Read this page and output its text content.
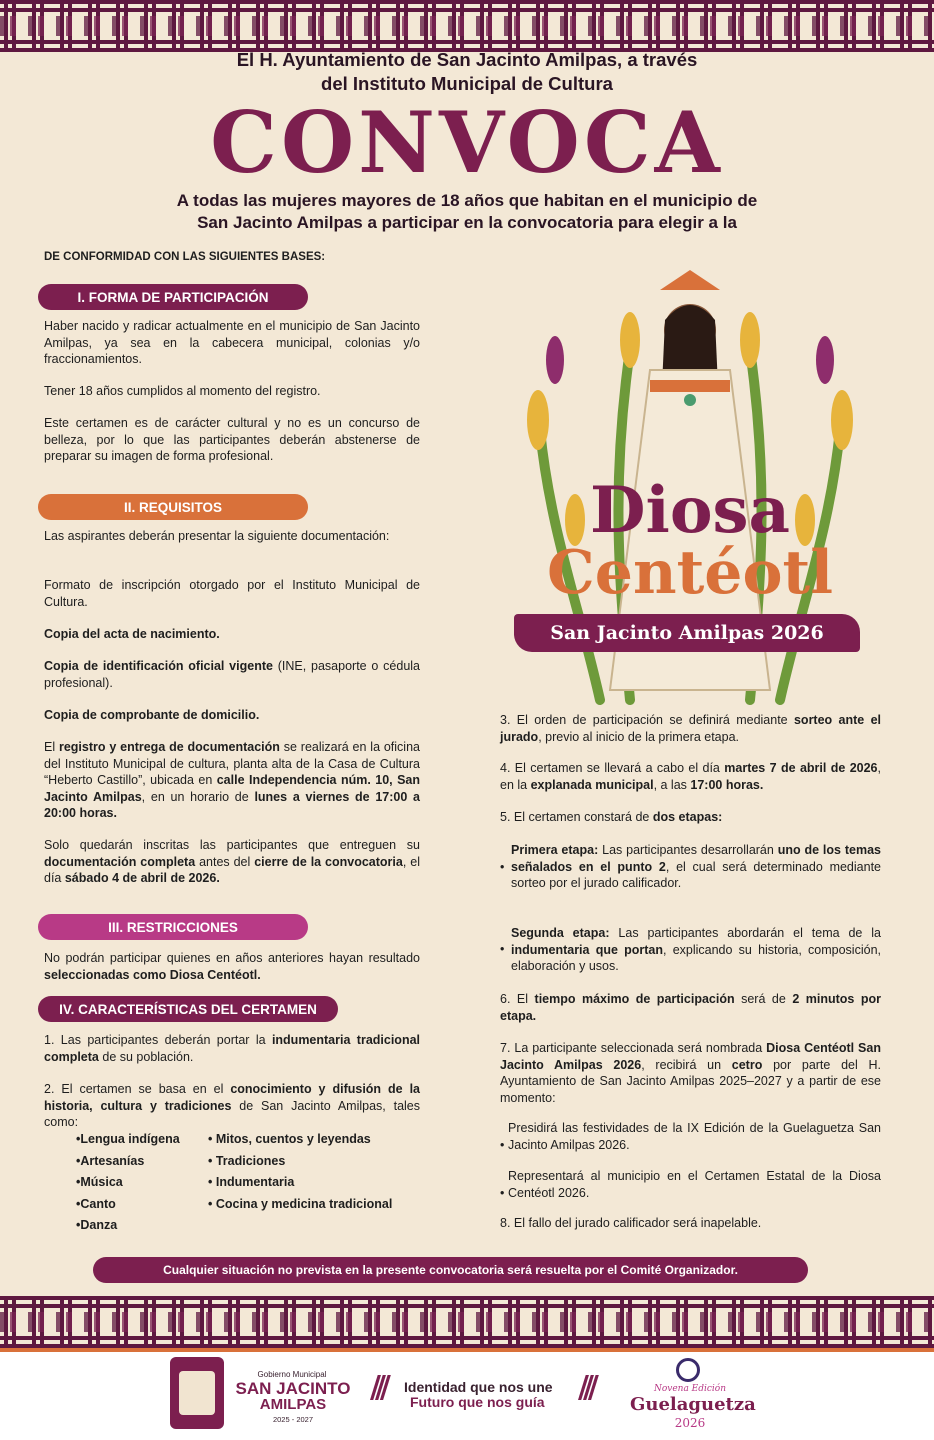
El H. Ayuntamiento de San Jacinto Amilpas, a través
del Instituto Municipal de Cultura
CONVOCA
A todas las mujeres mayores de 18 años que habitan en el municipio de
San Jacinto Amilpas a participar en la convocatoria para elegir a la
DE CONFORMIDAD CON LAS SIGUIENTES BASES:
I. FORMA DE PARTICIPACIÓN
Haber nacido y radicar actualmente en el municipio de San Jacinto Amilpas, ya sea en la cabecera municipal, colonias y/o fraccionamientos.
Tener 18 años cumplidos al momento del registro.
Este certamen es de carácter cultural y no es un concurso de belleza, por lo que las participantes deberán abstenerse de preparar su imagen de forma profesional.
II. REQUISITOS
Las aspirantes deberán presentar la siguiente documentación:
Formato de inscripción otorgado por el Instituto Municipal de Cultura.
Copia del acta de nacimiento.
Copia de identificación oficial vigente (INE, pasaporte o cédula profesional).
Copia de comprobante de domicilio.
El registro y entrega de documentación se realizará en la oficina del Instituto Municipal de cultura, planta alta de la Casa de Cultura “Heberto Castillo”, ubicada en calle Independencia núm. 10, San Jacinto Amilpas, en un horario de lunes a viernes de 17:00 a 20:00 horas.
Solo quedarán inscritas las participantes que entreguen su documentación completa antes del cierre de la convocatoria, el día sábado 4 de abril de 2026.
III. RESTRICCIONES
No podrán participar quienes en años anteriores hayan resultado seleccionadas como Diosa Centéotl.
IV. CARACTERÍSTICAS DEL CERTAMEN
1. Las participantes deberán portar la indumentaria tradicional completa de su población.
2. El certamen se basa en el conocimiento y difusión de la historia, cultura y tradiciones de San Jacinto Amilpas, tales como:
•Lengua indígena
•Artesanías
•Música
•Canto
•Danza
• Mitos, cuentos y leyendas
• Tradiciones
• Indumentaria
• Cocina y medicina tradicional
Diosa
Centéotl
San Jacinto Amilpas 2026
3. El orden de participación se definirá mediante sorteo ante el jurado, previo al inicio de la primera etapa.
4. El certamen se llevará a cabo el día martes 7 de abril de 2026, en la explanada municipal, a las 17:00 horas.
5. El certamen constará de dos etapas:
•
Primera etapa: Las participantes desarrollarán uno de los temas señalados en el punto 2, el cual será determinado mediante sorteo por el jurado calificador.
•
Segunda etapa: Las participantes abordarán el tema de la indumentaria que portan, explicando su historia, composición, elaboración y usos.
6. El tiempo máximo de participación será de 2 minutos por etapa.
7. La participante seleccionada será nombrada Diosa Centéotl San Jacinto Amilpas 2026, recibirá un cetro por parte del H. Ayuntamiento de San Jacinto Amilpas 2025–2027 y a partir de ese momento:
•
Presidirá las festividades de la IX Edición de la Guelaguetza San Jacinto Amilpas 2026.
•
Representará al municipio en el Certamen Estatal de la Diosa Centéotl 2026.
8. El fallo del jurado calificador será inapelable.
Cualquier situación no prevista en la presente convocatoria será resuelta por el Comité Organizador.
Gobierno Municipal
SAN JACINTO
AMILPAS
2025 - 2027
///	///
Identidad que nos une
Futuro que nos guía
Novena Edición
Guelaguetza
2026
